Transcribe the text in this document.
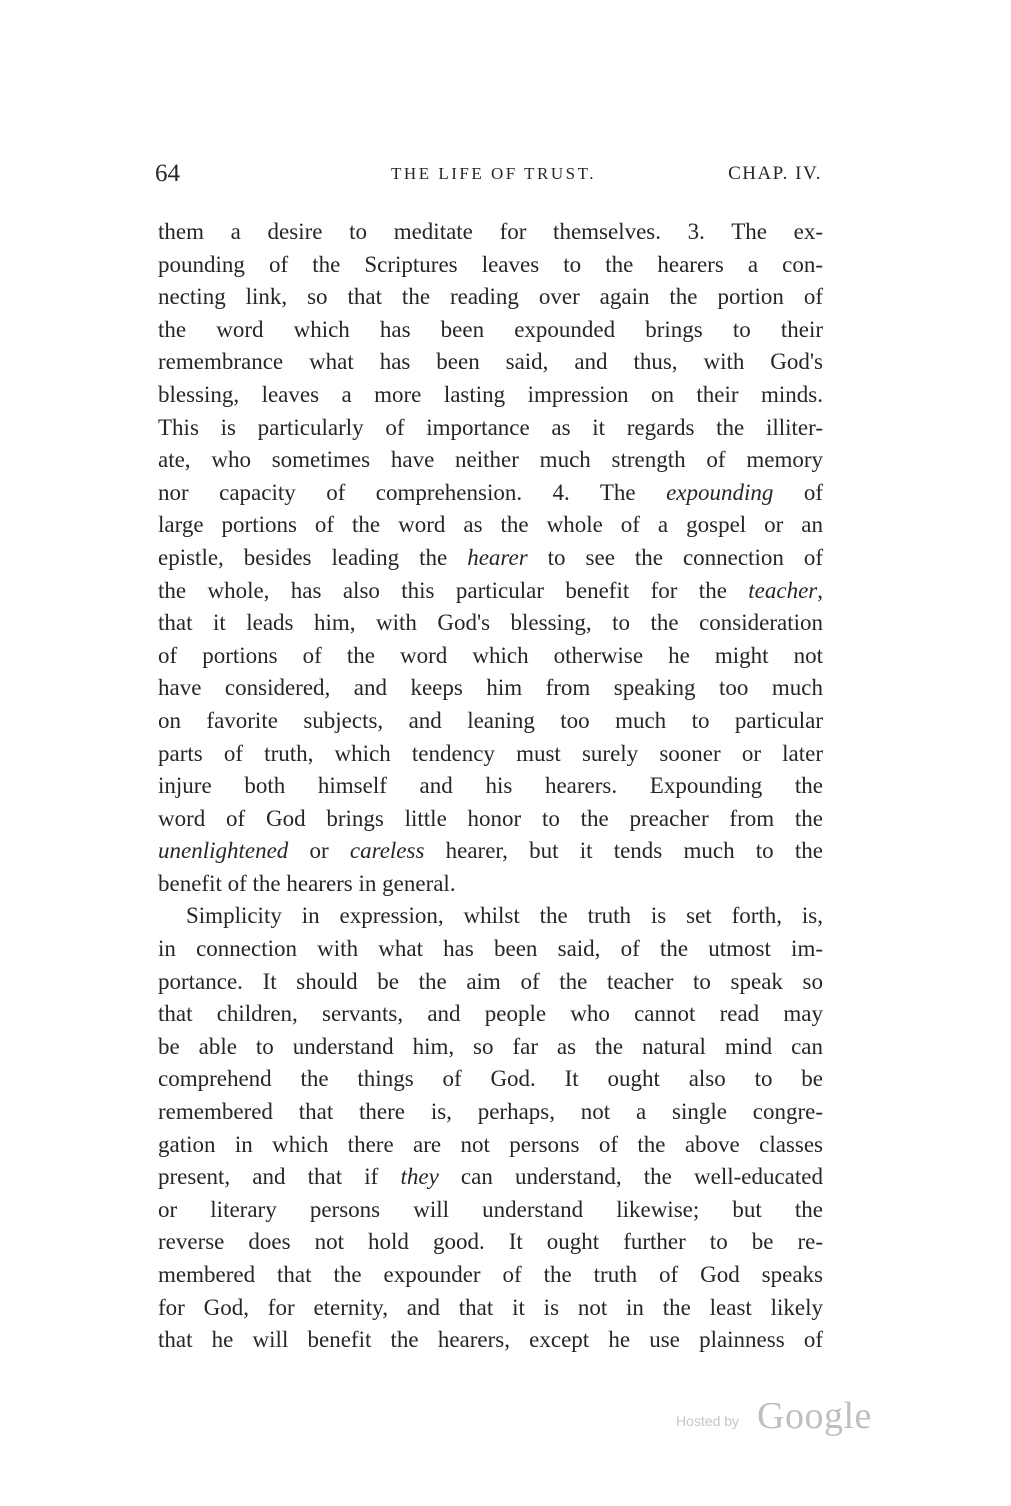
64	THE LIFE OF TRUST.	CHAP. IV.
them a desire to meditate for themselves. 3. The ex-
pounding of the Scriptures leaves to the hearers a con-
necting link, so that the reading over again the portion of
the word which has been expounded brings to their
remembrance what has been said, and thus, with God's
blessing, leaves a more lasting impression on their minds.
This is particularly of importance as it regards the illiter-
ate, who sometimes have neither much strength of memory
nor capacity of comprehension. 4. The expounding of
large portions of the word as the whole of a gospel or an
epistle, besides leading the hearer to see the connection of
the whole, has also this particular benefit for the teacher,
that it leads him, with God's blessing, to the consideration
of portions of the word which otherwise he might not
have considered, and keeps him from speaking too much
on favorite subjects, and leaning too much to particular
parts of truth, which tendency must surely sooner or later
injure both himself and his hearers. Expounding the
word of God brings little honor to the preacher from the
unenlightened or careless hearer, but it tends much to the
benefit of the hearers in general.
Simplicity in expression, whilst the truth is set forth, is,
in connection with what has been said, of the utmost im-
portance. It should be the aim of the teacher to speak so
that children, servants, and people who cannot read may
be able to understand him, so far as the natural mind can
comprehend the things of God. It ought also to be
remembered that there is, perhaps, not a single congre-
gation in which there are not persons of the above classes
present, and that if they can understand, the well-educated
or literary persons will understand likewise; but the
reverse does not hold good. It ought further to be re-
membered that the expounder of the truth of God speaks
for God, for eternity, and that it is not in the least likely
that he will benefit the hearers, except he use plainness of
Hosted by Google
